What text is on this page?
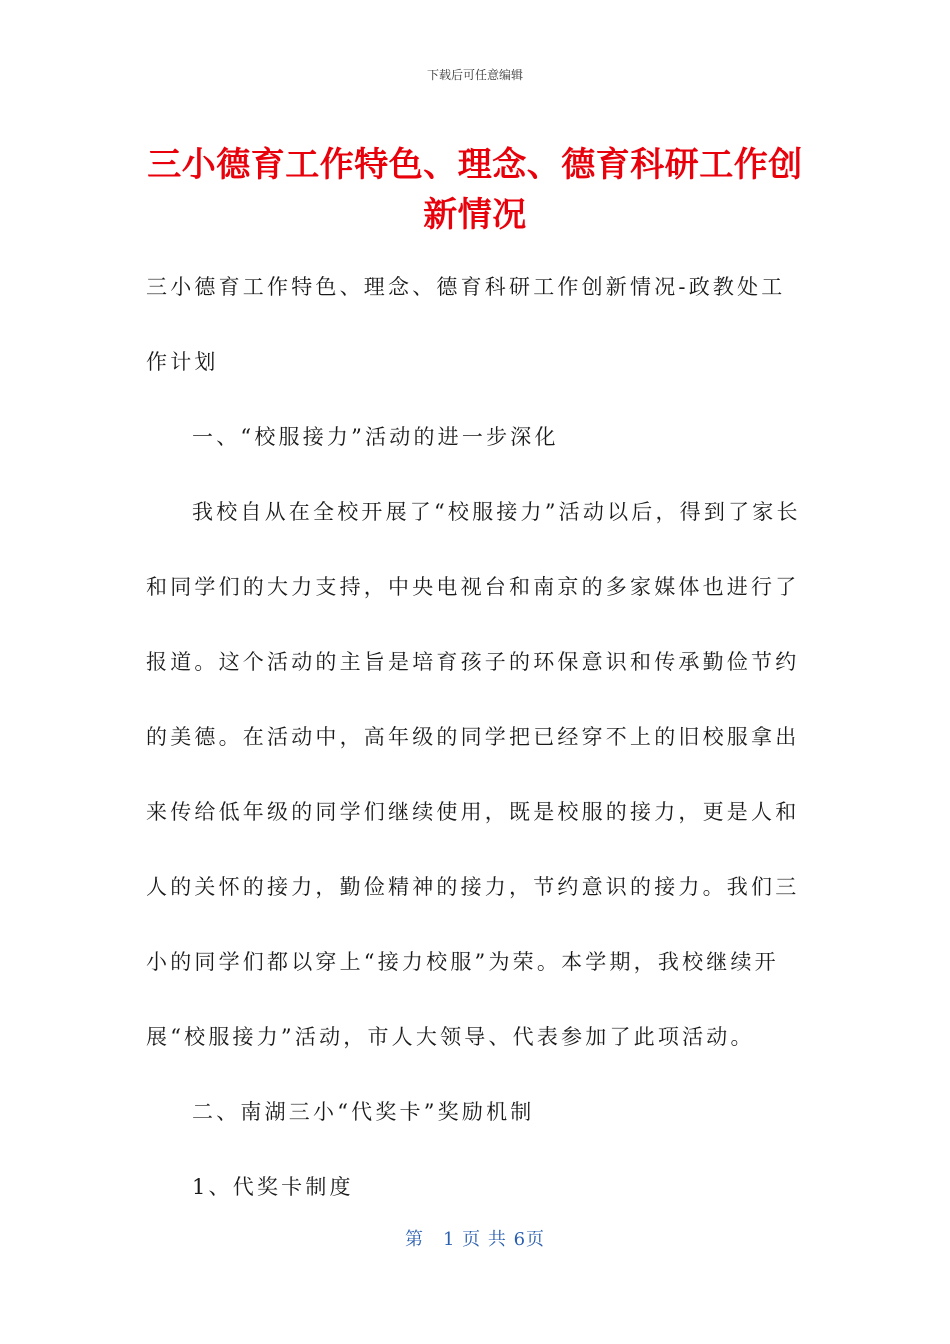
下载后可任意编辑
三小德育工作特色、理念、德育科研工作创新情况

三小德育工作特色、理念、德育科研工作创新情况-政教处工作计划

一、“校服接力”活动的进一步深化

我校自从在全校开展了“校服接力”活动以后，得到了家长和同学们的大力支持，中央电视台和南京的多家媒体也进行了报道。这个活动的主旨是培育孩子的环保意识和传承勤俭节约的美德。在活动中，高年级的同学把已经穿不上的旧校服拿出来传给低年级的同学们继续使用，既是校服的接力，更是人和人的关怀的接力，勤俭精神的接力，节约意识的接力。我们三小的同学们都以穿上“接力校服”为荣。本学期，我校继续开展“校服接力”活动，市人大领导、代表参加了此项活动。

二、南湖三小“代奖卡”奖励机制

1、代奖卡制度

第　1 页 共 6页
